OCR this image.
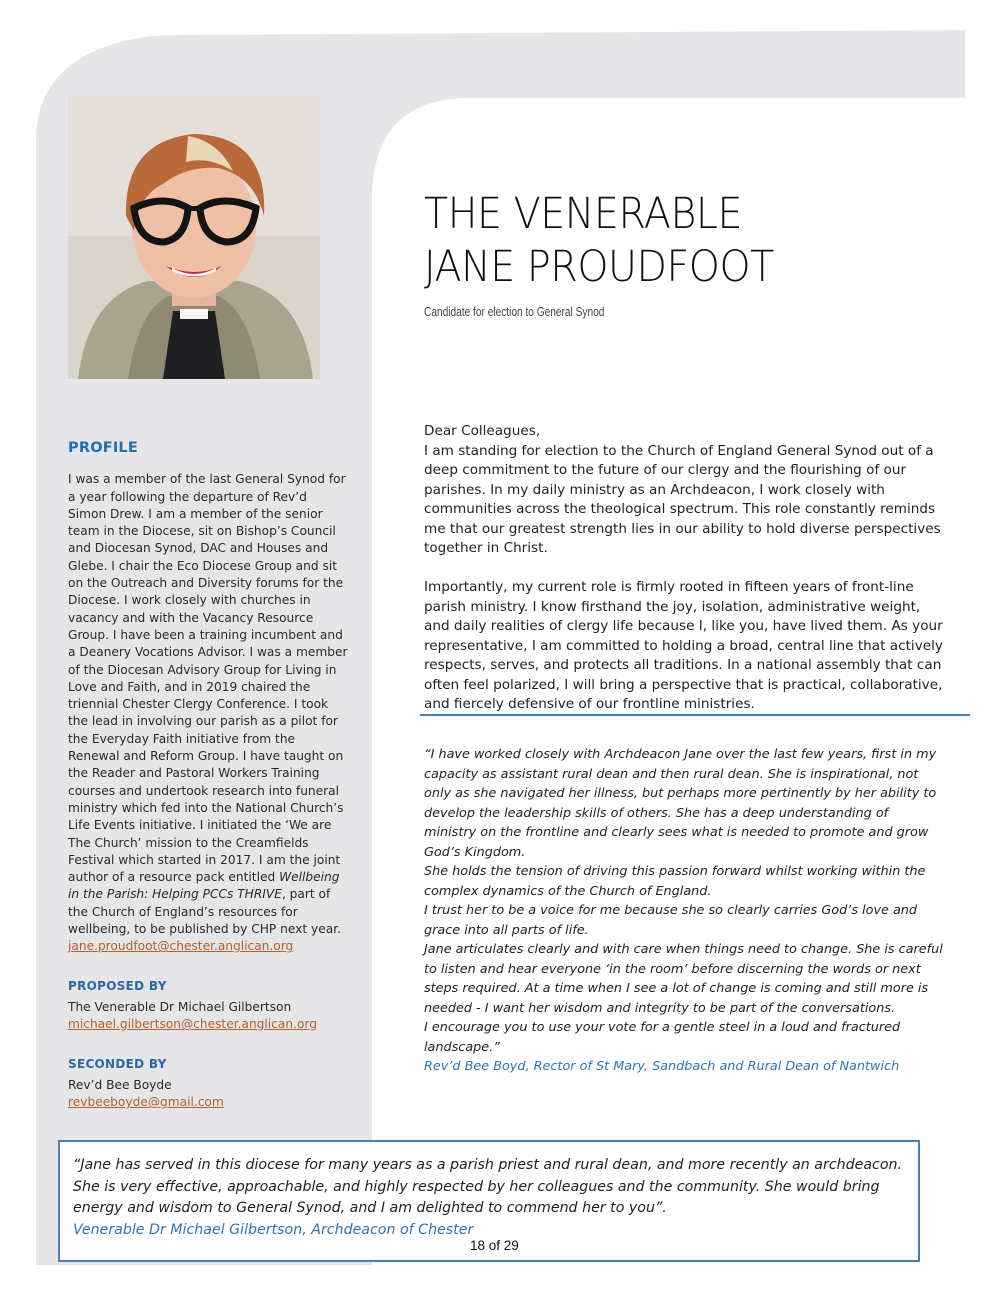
THE VENERABLE
JANE PROUDFOOT
Candidate for election to General Synod
PROFILE

I was a member of the last General Synod for a year following the departure of Rev’d Simon Drew. I am a member of the senior team in the Diocese, sit on Bishop’s Council and Diocesan Synod, DAC and Houses and Glebe. I chair the Eco Diocese Group and sit on the Outreach and Diversity forums for the Diocese. I work closely with churches in vacancy and with the Vacancy Resource Group. I have been a training incumbent and a Deanery Vocations Advisor. I was a member of the Diocesan Advisory Group for Living in Love and Faith, and in 2019 chaired the triennial Chester Clergy Conference. I took the lead in involving our parish as a pilot for the Everyday Faith initiative from the Renewal and Reform Group. I have taught on the Reader and Pastoral Workers Training courses and undertook research into funeral ministry which fed into the National Church’s Life Events initiative. I initiated the ‘We are The Church’ mission to the Creamfields Festival which started in 2017. I am the joint author of a resource pack entitled Wellbeing in the Parish: Helping PCCs THRIVE, part of the Church of England’s resources for wellbeing, to be published by CHP next year.

jane.proudfoot@chester.anglican.org
PROPOSED BY
The Venerable Dr Michael Gilbertson
michael.gilbertson@chester.anglican.org
SECONDED BY
Rev’d Bee Boyde
revbeeboyde@gmail.com

Dear Colleagues,

I am standing for election to the Church of England General Synod out of a deep commitment to the future of our clergy and the flourishing of our parishes. In my daily ministry as an Archdeacon, I work closely with communities across the theological spectrum. This role constantly reminds me that our greatest strength lies in our ability to hold diverse perspectives together in Christ.

Importantly, my current role is firmly rooted in fifteen years of front-line parish ministry. I know firsthand the joy, isolation, administrative weight, and daily realities of clergy life because I, like you, have lived them. As your representative, I am committed to holding a broad, central line that actively respects, serves, and protects all traditions. In a national assembly that can often feel polarized, I will bring a perspective that is practical, collaborative, and fiercely defensive of our frontline ministries.

“I have worked closely with Archdeacon Jane over the last few years, first in my capacity as assistant rural dean and then rural dean. She is inspirational, not only as she navigated her illness, but perhaps more pertinently by her ability to develop the leadership skills of others. She has a deep understanding of ministry on the frontline and clearly sees what is needed to promote and grow God’s Kingdom.

She holds the tension of driving this passion forward whilst working within the complex dynamics of the Church of England.

I trust her to be a voice for me because she so clearly carries God’s love and grace into all parts of life.

Jane articulates clearly and with care when things need to change. She is careful to listen and hear everyone ‘in the room’ before discerning the words or next steps required. At a time when I see a lot of change is coming and still more is needed - I want her wisdom and integrity to be part of the conversations.

I encourage you to use your vote for a gentle steel in a loud and fractured landscape.”

Rev’d Bee Boyd, Rector of St Mary, Sandbach and Rural Dean of Nantwich

“Jane has served in this diocese for many years as a parish priest and rural dean, and more recently an archdeacon. She is very effective, approachable, and highly respected by her colleagues and the community. She would bring energy and wisdom to General Synod, and I am delighted to commend her to you”.

Venerable Dr Michael Gilbertson, Archdeacon of Chester

18 of 29
